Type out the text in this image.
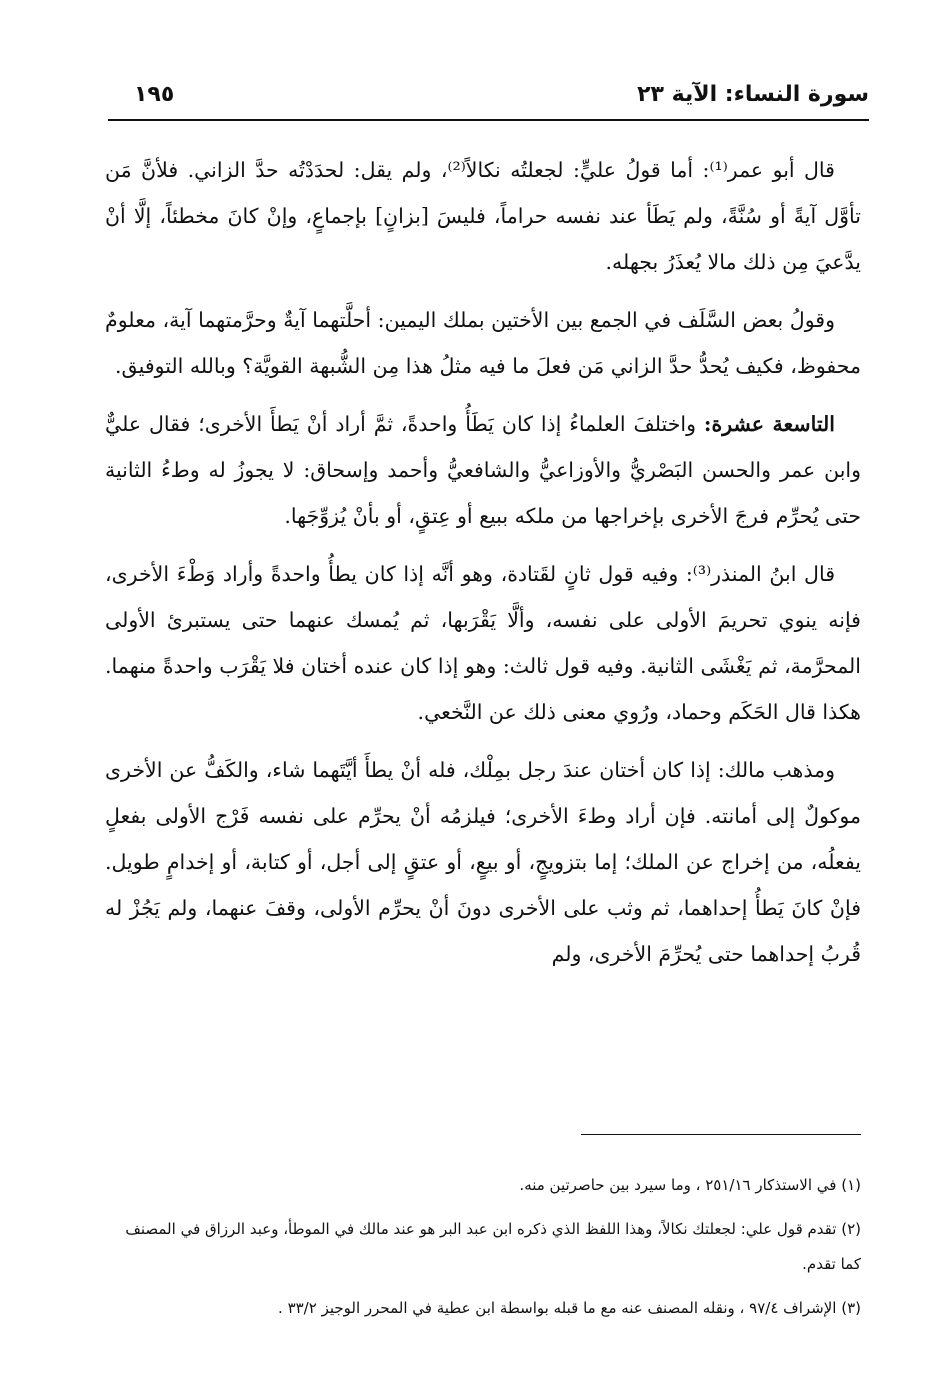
سورة النساء: الآية ٢٣
١٩٥

قال أبو عمر⁽¹⁾: أما قولُ عليٍّ: لجعلتُه نكالاً⁽²⁾، ولم يقل: لحدَدْتُه حدَّ الزاني. فلأنَّ مَن تأوَّل آيةً أو سُنَّةً، ولم يَطَأ عند نفسه حراماً، فليسَ [بزانٍ] بإجماعٍ، وإنْ كانَ مخطئاً، إلَّا أنْ يدَّعيَ مِن ذلك مالا يُعذَرُ بجهله.

وقولُ بعض السَّلَف في الجمع بين الأختين بملك اليمين: أحلَّتهما آيةٌ وحرَّمتهما آية، معلومٌ محفوظ، فكيف يُحدُّ حدَّ الزاني مَن فعلَ ما فيه مثلُ هذا مِن الشُّبهة القويَّة؟ وبالله التوفيق.

التاسعة عشرة: واختلفَ العلماءُ إذا كان يَطَأُ واحدةً، ثمَّ أراد أنْ يَطأَ الأخرى؛ فقال عليٌّ وابن عمر والحسن البَصْريُّ والأوزاعيُّ والشافعيُّ وأحمد وإسحاق: لا يجوزُ له وطءُ الثانية حتى يُحرِّم فرجَ الأخرى بإخراجها من ملكه ببيع أو عِتقٍ، أو بأنْ يُزوِّجَها.

قال ابنُ المنذر⁽³⁾: وفيه قول ثانٍ لقَتادة، وهو أنَّه إذا كان يطأُ واحدةً وأراد وَطْءَ الأخرى، فإنه ينوي تحريمَ الأولى على نفسه، وألَّا يَقْرَبها، ثم يُمسك عنهما حتى يستبرئ الأولى المحرَّمة، ثم يَغْشَى الثانية. وفيه قول ثالث: وهو إذا كان عنده أختان فلا يَقْرَب واحدةً منهما. هكذا قال الحَكَم وحماد، ورُوي معنى ذلك عن النَّخعي.

ومذهب مالك: إذا كان أختان عندَ رجل بمِلْك، فله أنْ يطأَ أيَّتَهما شاء، والكَفُّ عن الأخرى موكولٌ إلى أمانته. فإن أراد وطءَ الأخرى؛ فيلزمُه أنْ يحرِّم على نفسه فَرْج الأولى بفعلٍ يفعلُه، من إخراج عن الملك؛ إما بتزويجٍ، أو بيعٍ، أو عتقٍ إلى أجل، أو كتابة، أو إخدامٍ طويل. فإنْ كانَ يَطأُ إحداهما، ثم وثب على الأخرى دونَ أنْ يحرِّم الأولى، وقفَ عنهما، ولم يَجُزْ له قُربُ إحداهما حتى يُحرِّمَ الأخرى، ولم

(١) في الاستذكار ٢٥١/١٦ ، وما سيرد بين حاصرتين منه.

(٢) تقدم قول علي: لجعلتك نكالاً، وهذا اللفظ الذي ذكره ابن عبد البر هو عند مالك في الموطأ، وعبد الرزاق في المصنف كما تقدم.

(٣) الإشراف ٩٧/٤ ، ونقله المصنف عنه مع ما قبله بواسطة ابن عطية في المحرر الوجيز ٣٣/٢ .
